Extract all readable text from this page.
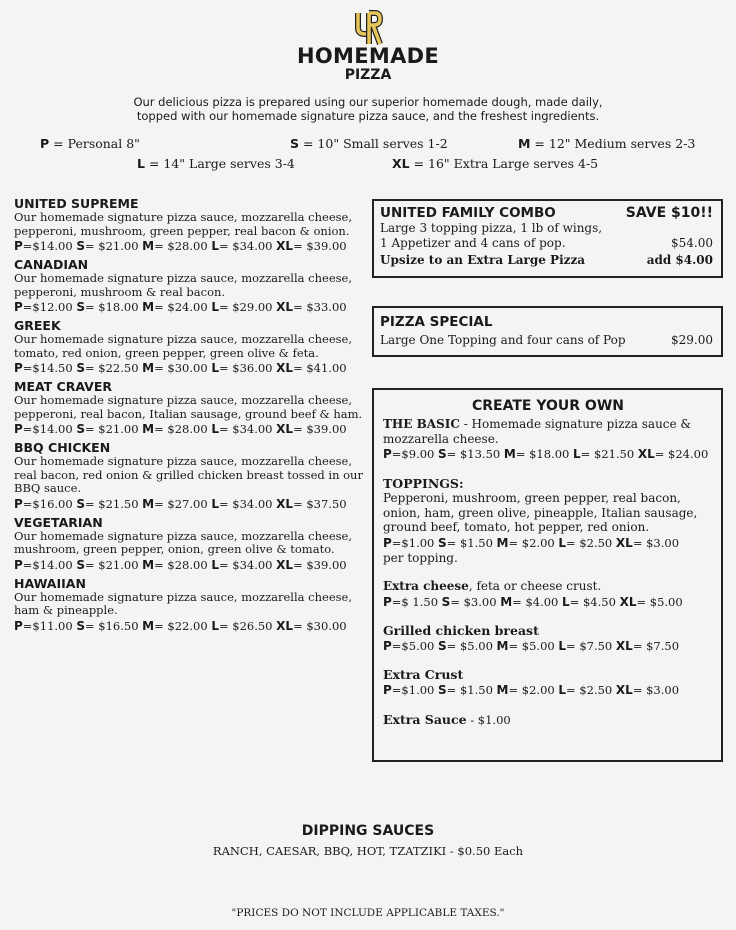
HOMEMADE
PIZZA
Our delicious pizza is prepared using our superior homemade dough, made daily,
topped with our homemade signature pizza sauce, and the freshest ingredients.
P = Personal 8"	S = 10" Small serves 1-2	M = 12" Medium serves 2-3
L = 14" Large serves 3-4	XL = 16" Extra Large serves 4-5
UNITED SUPREME
Our homemade signature pizza sauce, mozzarella cheese, pepperoni, mushroom, green pepper, real bacon & onion.
P=$14.00 S= $21.00 M= $28.00 L= $34.00 XL= $39.00
CANADIAN
Our homemade signature pizza sauce, mozzarella cheese, pepperoni, mushroom & real bacon.
P=$12.00 S= $18.00 M= $24.00 L= $29.00 XL= $33.00
GREEK
Our homemade signature pizza sauce, mozzarella cheese, tomato, red onion, green pepper, green olive & feta.
P=$14.50 S= $22.50 M= $30.00 L= $36.00 XL= $41.00
MEAT CRAVER
Our homemade signature pizza sauce, mozzarella cheese, pepperoni, real bacon, Italian sausage, ground beef & ham.
P=$14.00 S= $21.00 M= $28.00 L= $34.00 XL= $39.00
BBQ CHICKEN
Our homemade signature pizza sauce, mozzarella cheese, real bacon, red onion & grilled chicken breast tossed in our BBQ sauce.
P=$16.00 S= $21.50 M= $27.00 L= $34.00 XL= $37.50
VEGETARIAN
Our homemade signature pizza sauce, mozzarella cheese, mushroom, green pepper, onion, green olive & tomato.
P=$14.00 S= $21.00 M= $28.00 L= $34.00 XL= $39.00
HAWAIIAN
Our homemade signature pizza sauce, mozzarella cheese, ham & pineapple.
P=$11.00 S= $16.50 M= $22.00 L= $26.50 XL= $30.00
UNITED FAMILY COMBO	SAVE $10!!
Large 3 topping pizza, 1 lb of wings,
1 Appetizer and 4 cans of pop.	$54.00
Upsize to an Extra Large Pizza	add $4.00
PIZZA SPECIAL
Large One Topping and four cans of Pop	$29.00
CREATE YOUR OWN
THE BASIC - Homemade signature pizza sauce & mozzarella cheese.
P=$9.00 S= $13.50 M= $18.00 L= $21.50 XL= $24.00
TOPPINGS:
Pepperoni, mushroom, green pepper, real bacon, onion, ham, green olive, pineapple, Italian sausage, ground beef, tomato, hot pepper, red onion.
P=$1.00 S= $1.50 M= $2.00 L= $2.50 XL= $3.00
per topping.
Extra cheese, feta or cheese crust.
P=$ 1.50 S= $3.00 M= $4.00 L= $4.50 XL= $5.00
Grilled chicken breast
P=$5.00 S= $5.00 M= $5.00 L= $7.50 XL= $7.50
Extra Crust
P=$1.00 S= $1.50 M= $2.00 L= $2.50 XL= $3.00
Extra Sauce - $1.00
DIPPING SAUCES
RANCH, CAESAR, BBQ, HOT, TZATZIKI - $0.50 Each
"PRICES DO NOT INCLUDE APPLICABLE TAXES."
